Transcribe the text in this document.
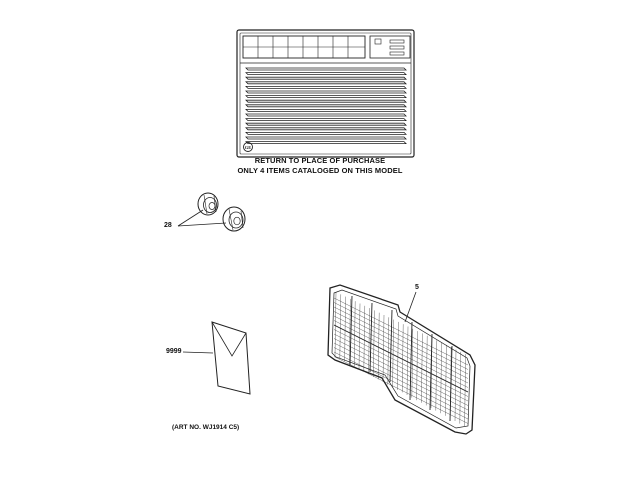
GE
RETURN TO PLACE OF PURCHASE
ONLY 4 ITEMS CATALOGED ON THIS MODEL
28
5
9999
(ART NO. WJ1914 C5)
